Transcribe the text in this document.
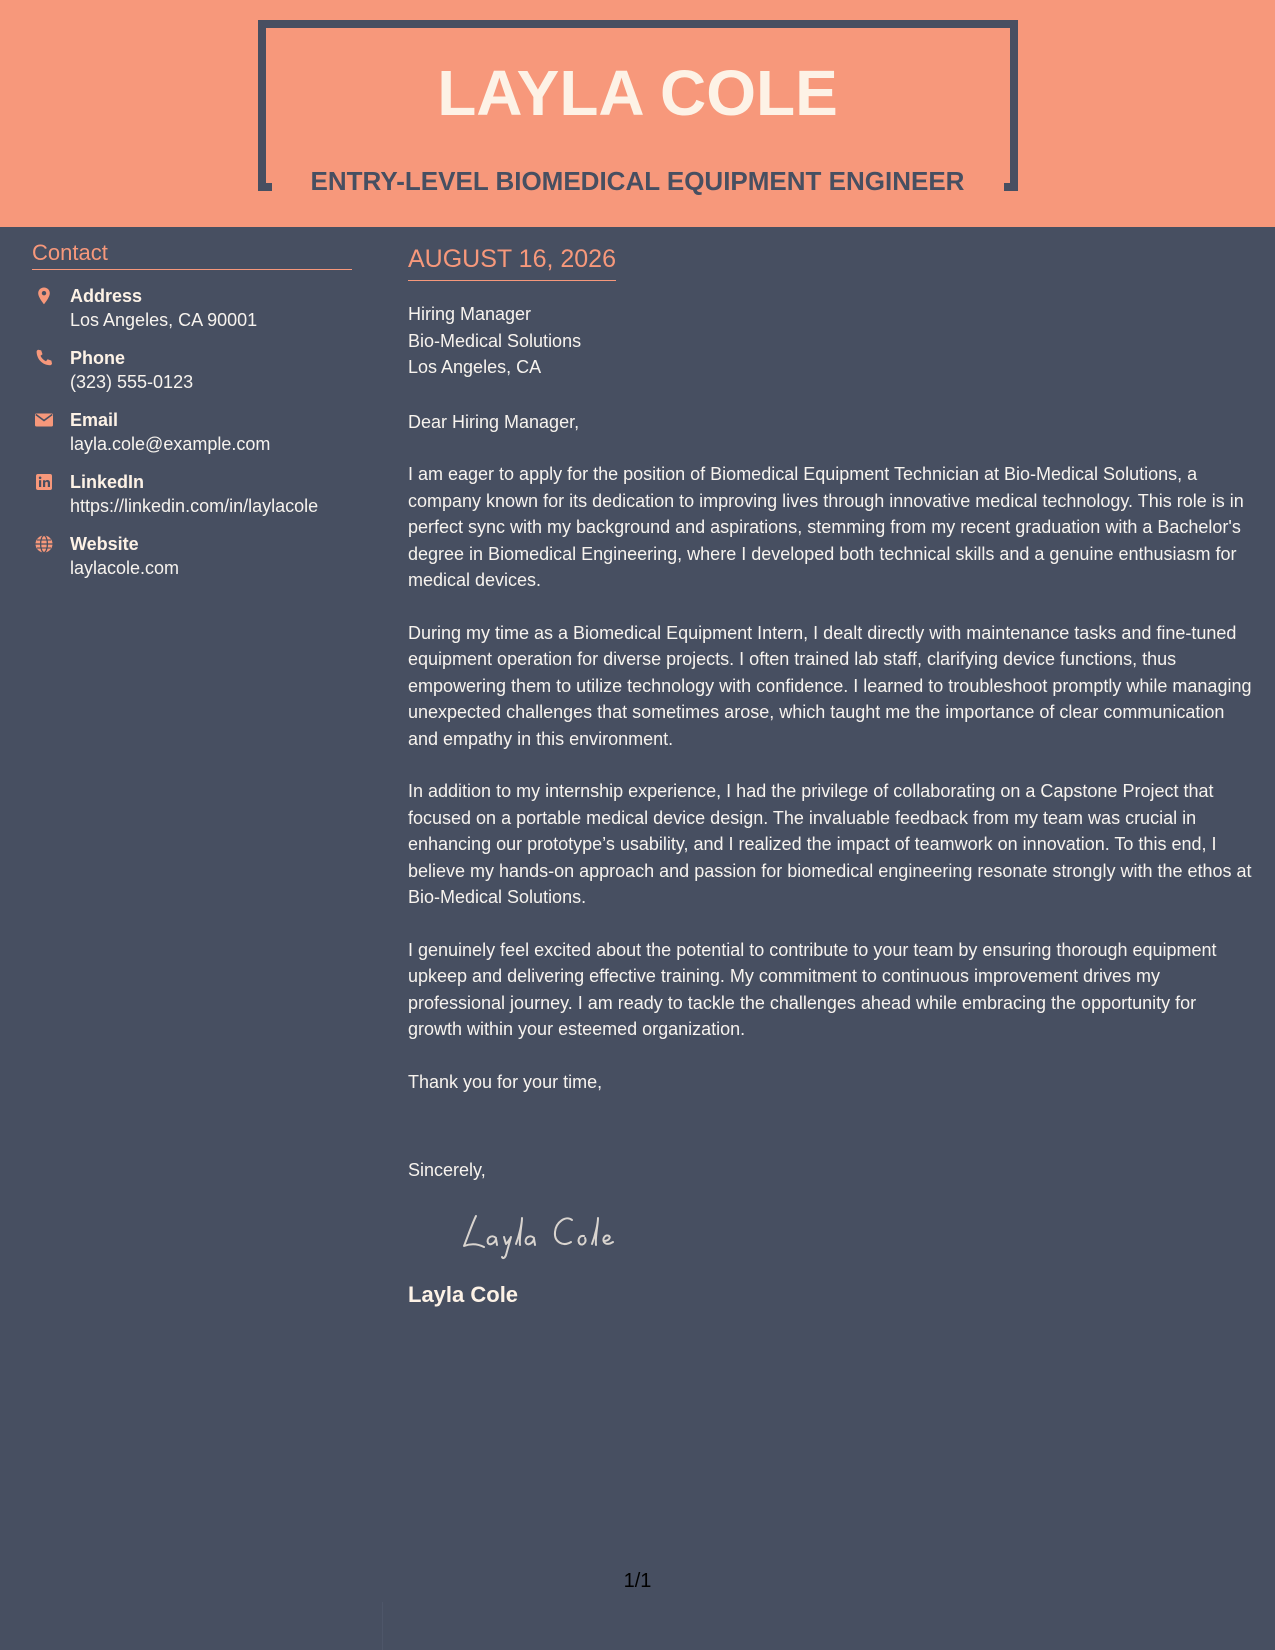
LAYLA COLE
ENTRY-LEVEL BIOMEDICAL EQUIPMENT ENGINEER
Contact
Address
Los Angeles, CA 90001
Phone
(323) 555-0123
Email
layla.cole@example.com
LinkedIn
https://linkedin.com/in/laylacole
Website
laylacole.com
AUGUST 16, 2026
Hiring Manager
Bio-Medical Solutions
Los Angeles, CA
Dear Hiring Manager,
I am eager to apply for the position of Biomedical Equipment Technician at Bio-Medical Solutions, a company known for its dedication to improving lives through innovative medical technology. This role is in perfect sync with my background and aspirations, stemming from my recent graduation with a Bachelor's degree in Biomedical Engineering, where I developed both technical skills and a genuine enthusiasm for medical devices.
During my time as a Biomedical Equipment Intern, I dealt directly with maintenance tasks and fine-tuned equipment operation for diverse projects. I often trained lab staff, clarifying device functions, thus empowering them to utilize technology with confidence. I learned to troubleshoot promptly while managing unexpected challenges that sometimes arose, which taught me the importance of clear communication and empathy in this environment.
In addition to my internship experience, I had the privilege of collaborating on a Capstone Project that focused on a portable medical device design. The invaluable feedback from my team was crucial in enhancing our prototype’s usability, and I realized the impact of teamwork on innovation. To this end, I believe my hands-on approach and passion for biomedical engineering resonate strongly with the ethos at Bio-Medical Solutions.
I genuinely feel excited about the potential to contribute to your team by ensuring thorough equipment upkeep and delivering effective training. My commitment to continuous improvement drives my professional journey. I am ready to tackle the challenges ahead while embracing the opportunity for growth within your esteemed organization.
Thank you for your time,
Sincerely,
Layla Cole
1/1
